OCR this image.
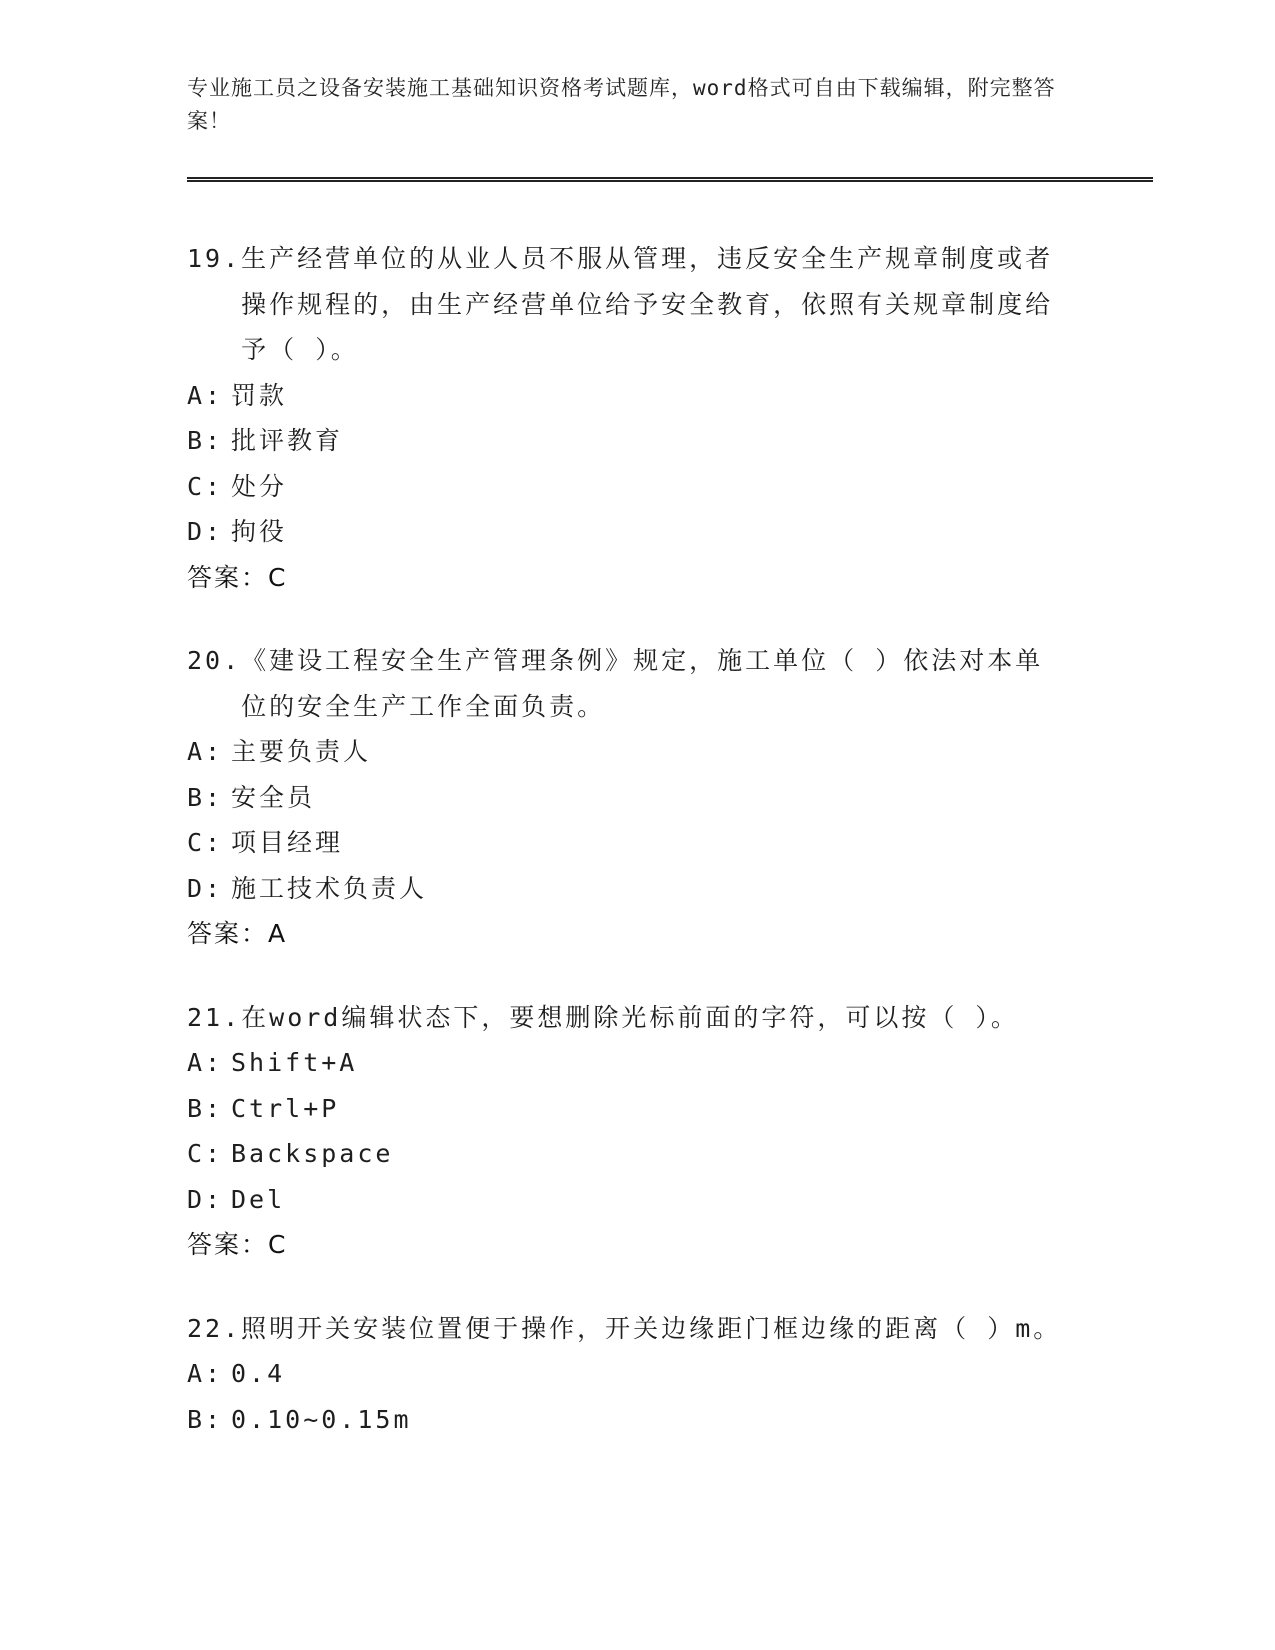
专业施工员之设备安装施工基础知识资格考试题库，word格式可自由下载编辑，附完整答案！
19. 生产经营单位的从业人员不服从管理，违反安全生产规章制度或者操作规程的，由生产经营单位给予安全教育，依照有关规章制度给予（ ）。
A: 罚款
B: 批评教育
C: 处分
D: 拘役
答案：C
20. 《建设工程安全生产管理条例》规定，施工单位（ ）依法对本单位的安全生产工作全面负责。
A: 主要负责人
B: 安全员
C: 项目经理
D: 施工技术负责人
答案：A
21. 在word编辑状态下，要想删除光标前面的字符，可以按（ ）。
A: Shift+A
B: Ctrl+P
C: Backspace
D: Del
答案：C
22. 照明开关安装位置便于操作，开关边缘距门框边缘的距离（ ）m。
A: 0.4
B: 0.10~0.15m
